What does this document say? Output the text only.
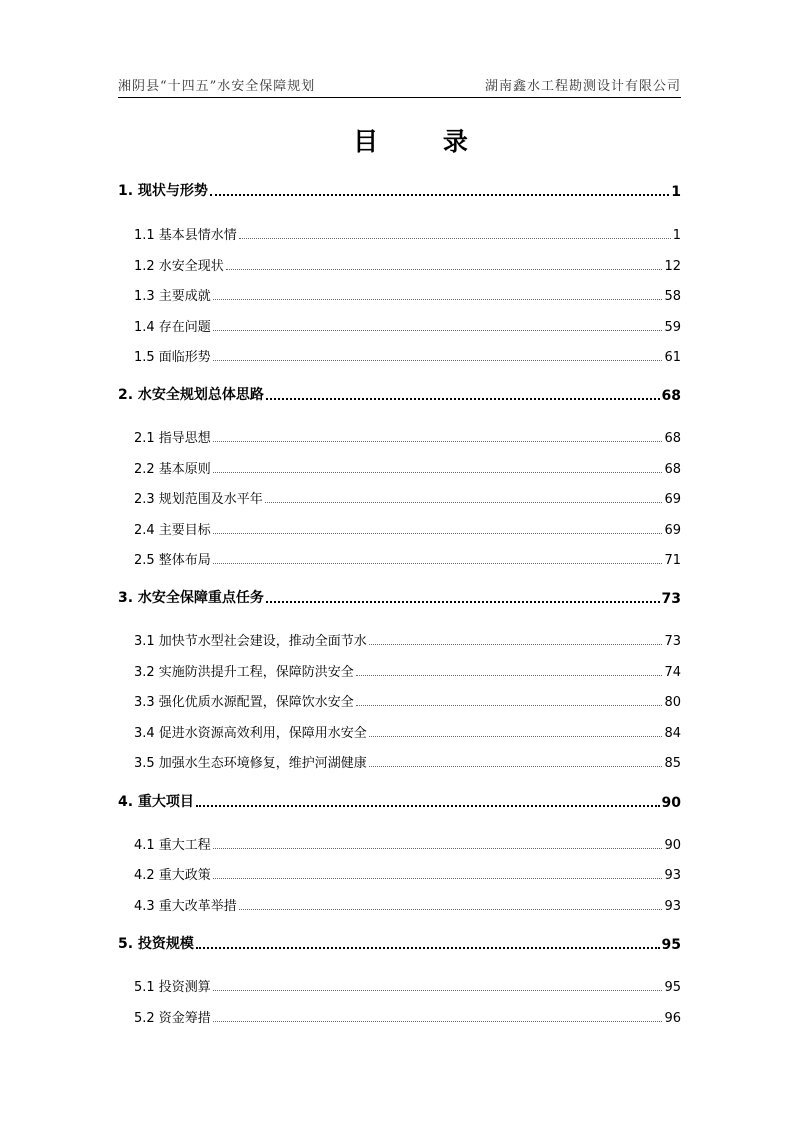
湘阴县“十四五”水安全保障规划	湖南鑫水工程勘测设计有限公司
目 录
1. 现状与形势	1
1.1 基本县情水情	1
1.2 水安全现状	12
1.3 主要成就	58
1.4 存在问题	59
1.5 面临形势	61
2. 水安全规划总体思路	68
2.1 指导思想	68
2.2 基本原则	68
2.3 规划范围及水平年	69
2.4 主要目标	69
2.5 整体布局	71
3. 水安全保障重点任务	73
3.1 加快节水型社会建设，推动全面节水	73
3.2 实施防洪提升工程，保障防洪安全	74
3.3 强化优质水源配置，保障饮水安全	80
3.4 促进水资源高效利用，保障用水安全	84
3.5 加强水生态环境修复，维护河湖健康	85
4. 重大项目	90
4.1 重大工程	90
4.2 重大政策	93
4.3 重大改革举措	93
5. 投资规模	95
5.1 投资测算	95
5.2 资金筹措	96
